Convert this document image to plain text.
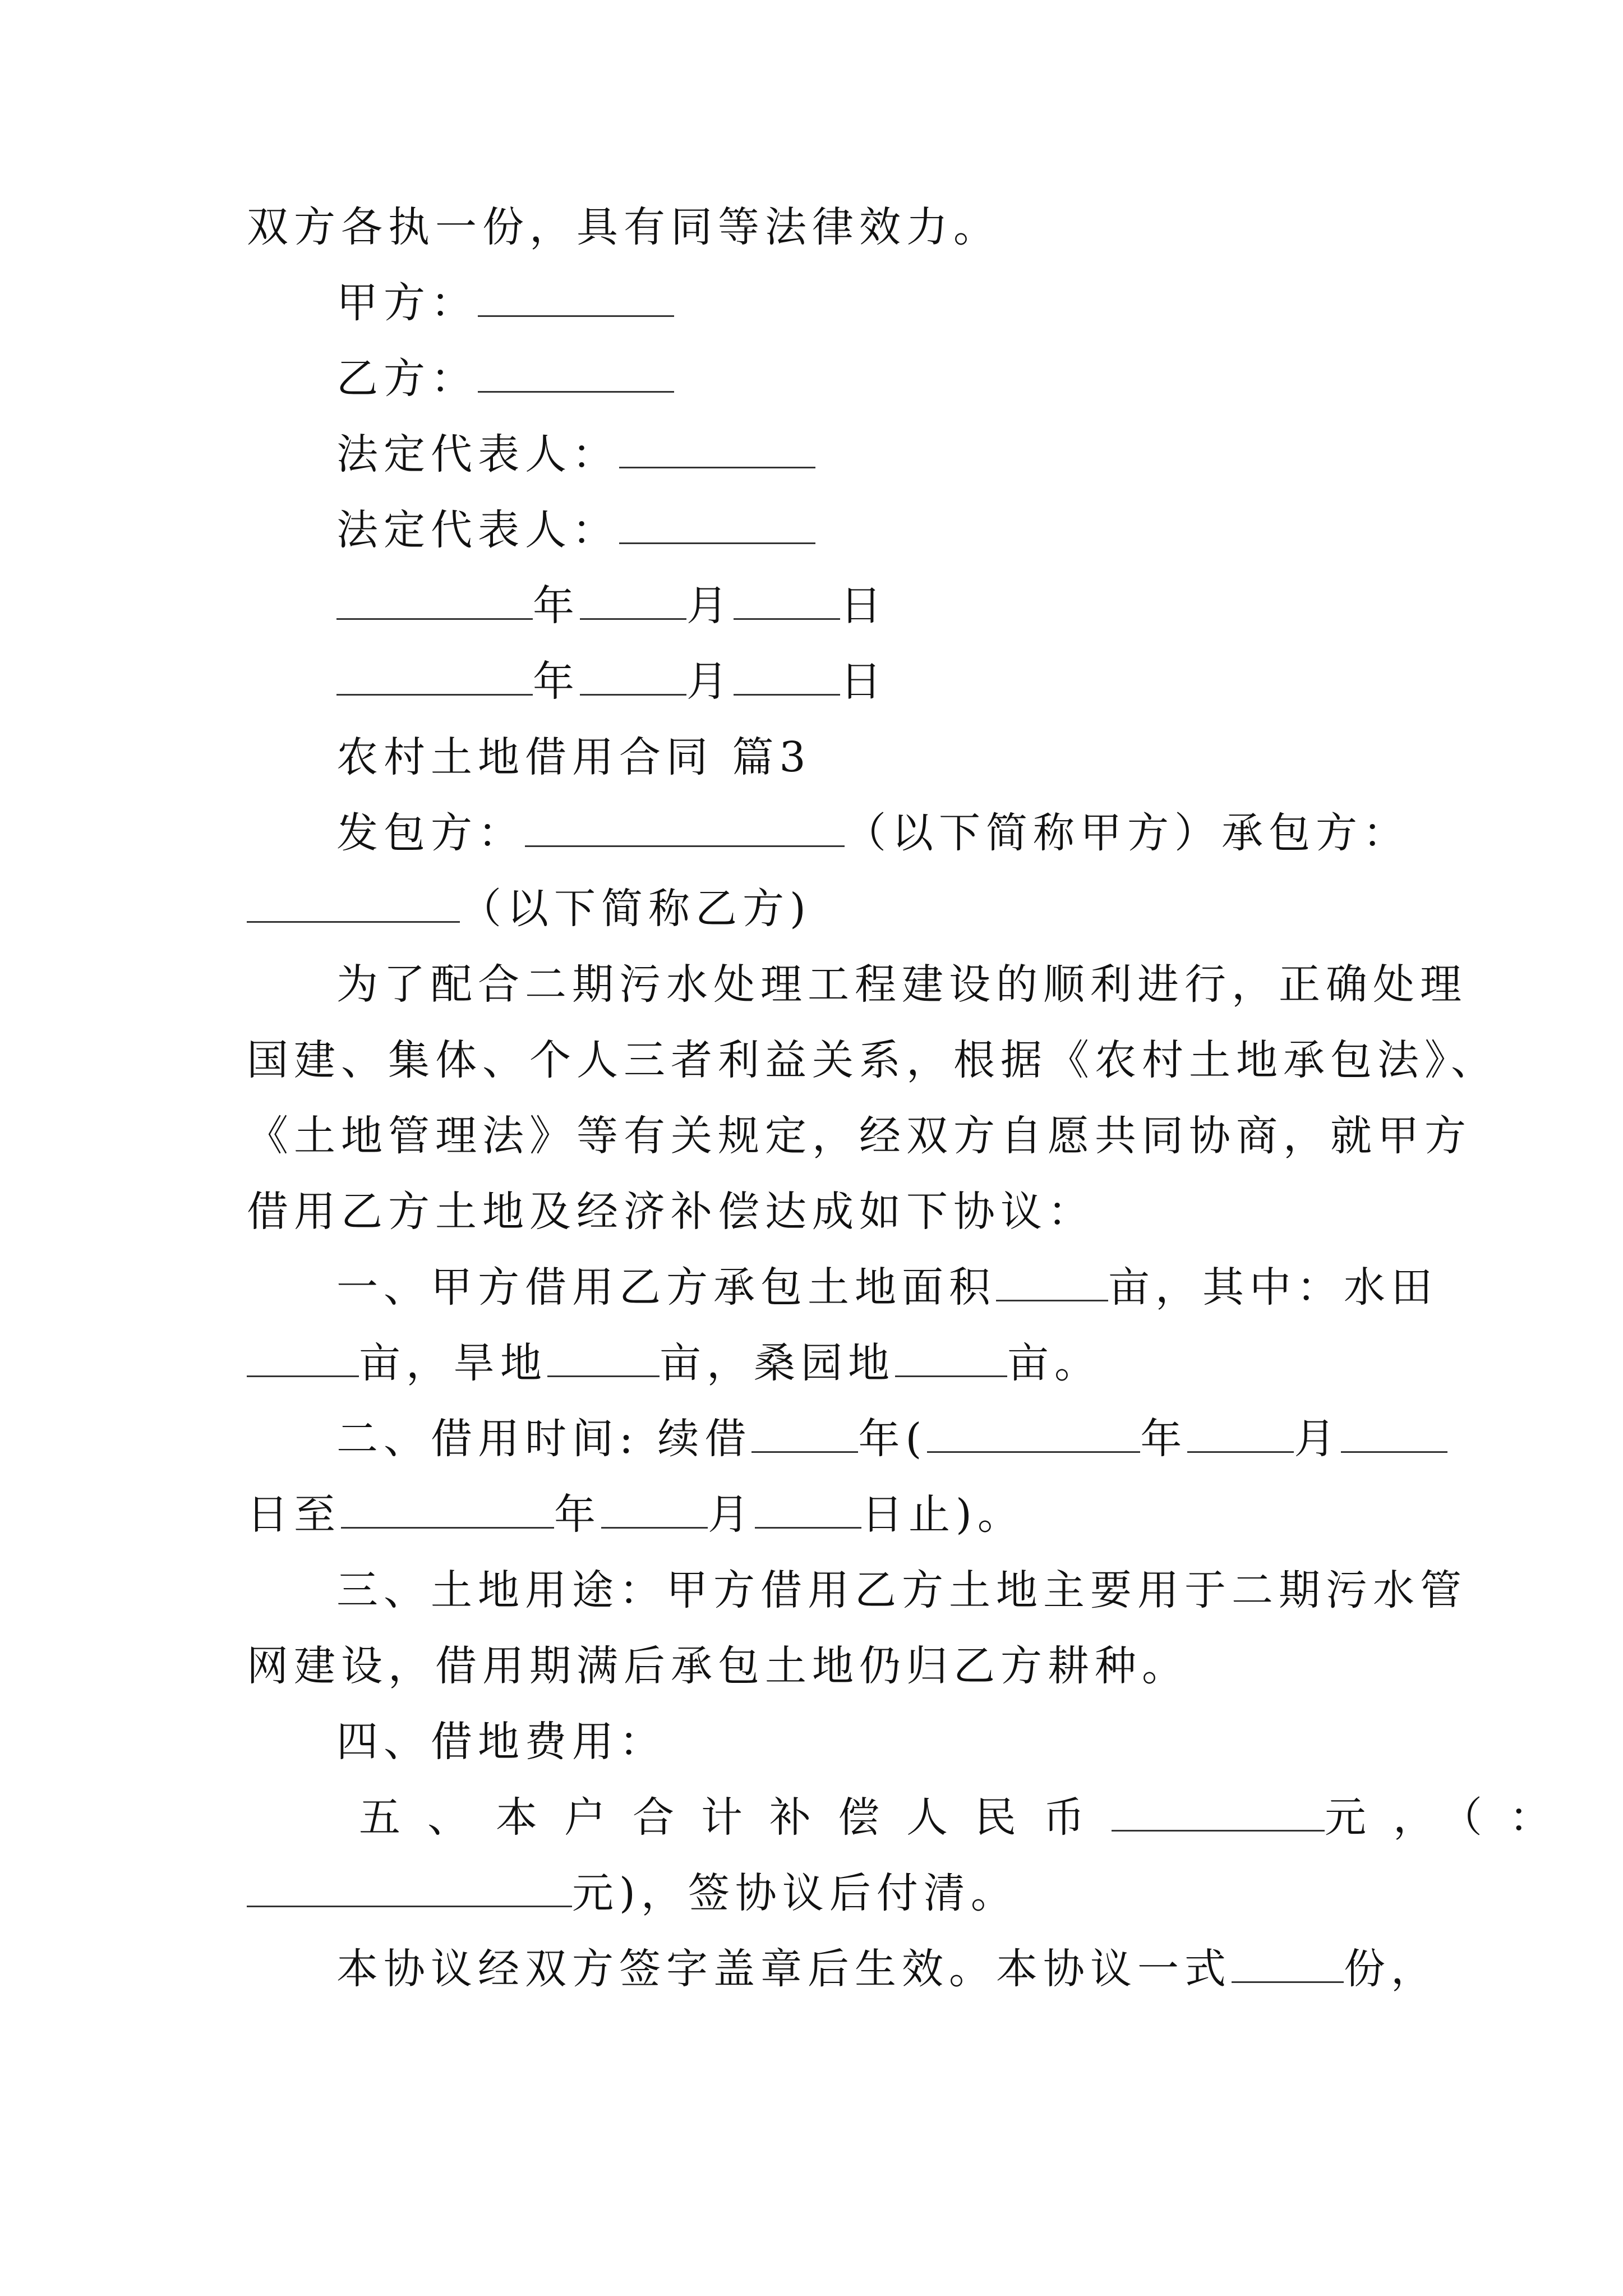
双方各执一份，具有同等法律效力。
甲方：
乙方：
法定代表人：
法定代表人：
年	月	日
年	月	日
农村土地借用合同 篇3
发包方：	（以下简称甲方）承包方：
（以下简称乙方)
为了配合二期污水处理工程建设的顺利进行，正确处理
国建、集体、个人三者利益关系，根据《农村土地承包法》、
《土地管理法》等有关规定，经双方自愿共同协商，就甲方
借用乙方土地及经济补偿达成如下协议：
一、甲方借用乙方承包土地面积	亩，其中：水田
亩，旱地	亩，桑园地	亩。
二、借用时间: 续借	年(	年	月
日至	年	月	日止)。
三、土地用途：甲方借用乙方土地主要用于二期污水管
网建设，借用期满后承包土地仍归乙方耕种。
四、借地费用：
五、本户合计补偿人民币	元，（：
元)，签协议后付清。
本协议经双方签字盖章后生效。本协议一式	份，
